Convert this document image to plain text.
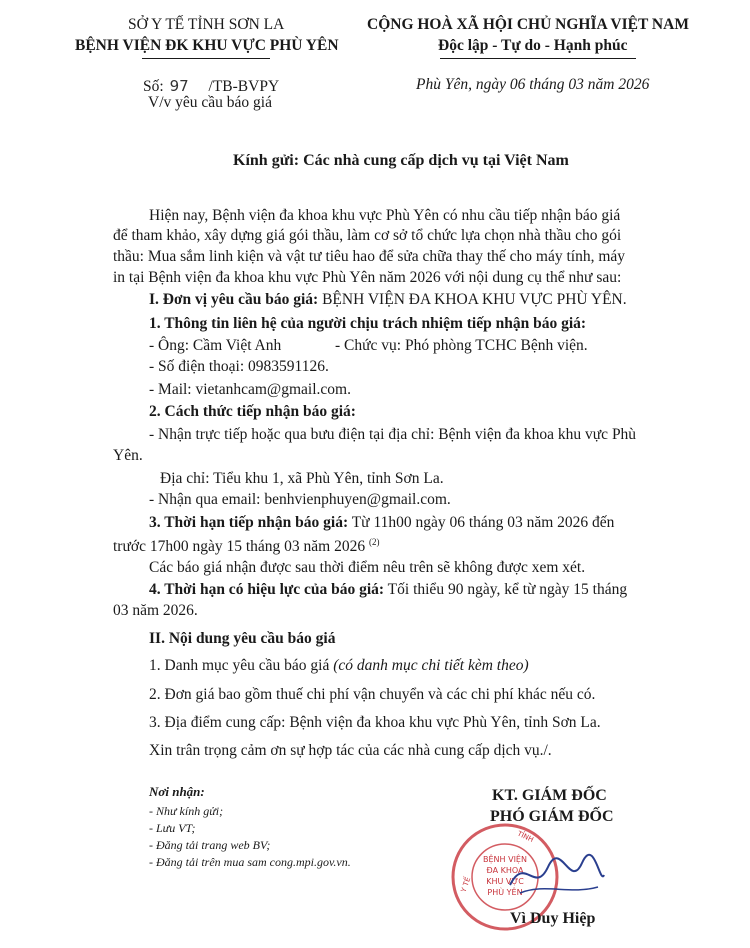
SỞ Y TẾ TỈNH SƠN LA
BỆNH VIỆN ĐK KHU VỰC PHÙ YÊN
CỘNG HOÀ XÃ HỘI CHỦ NGHĨA VIỆT NAM
Độc lập - Tự do - Hạnh phúc
Số: 97 /TB-BVPY
V/v yêu cầu báo giá
Phù Yên, ngày 06 tháng 03 năm 2026
Kính gửi: Các nhà cung cấp dịch vụ tại Việt Nam
Hiện nay, Bệnh viện đa khoa khu vực Phù Yên có nhu cầu tiếp nhận báo giá
để tham khảo, xây dựng giá gói thầu, làm cơ sở tổ chức lựa chọn nhà thầu cho gói
thầu: Mua sắm linh kiện và vật tư tiêu hao để sửa chữa thay thế cho máy tính, máy
in tại Bệnh viện đa khoa khu vực Phù Yên năm 2026 với nội dung cụ thể như sau:
I. Đơn vị yêu cầu báo giá: BỆNH VIỆN ĐA KHOA KHU VỰC PHÙ YÊN.
1. Thông tin liên hệ của người chịu trách nhiệm tiếp nhận báo giá:
- Ông: Cầm Việt Anh	- Chức vụ: Phó phòng TCHC Bệnh viện.
- Số điện thoại: 0983591126.
- Mail: vietanhcam@gmail.com.
2. Cách thức tiếp nhận báo giá:
- Nhận trực tiếp hoặc qua bưu điện tại địa chỉ: Bệnh viện đa khoa khu vực Phù
Yên.
Địa chỉ: Tiểu khu 1, xã Phù Yên, tỉnh Sơn La.
- Nhận qua email: benhvienphuyen@gmail.com.
3. Thời hạn tiếp nhận báo giá: Từ 11h00 ngày 06 tháng 03 năm 2026 đến
trước 17h00 ngày 15 tháng 03 năm 2026 $^{(2)}$
Các báo giá nhận được sau thời điểm nêu trên sẽ không được xem xét.
4. Thời hạn có hiệu lực của báo giá: Tối thiểu 90 ngày, kể từ ngày 15 tháng
03 năm 2026.
II. Nội dung yêu cầu báo giá
1. Danh mục yêu cầu báo giá (có danh mục chi tiết kèm theo)
2. Đơn giá bao gồm thuế chi phí vận chuyển và các chi phí khác nếu có.
3. Địa điểm cung cấp: Bệnh viện đa khoa khu vực Phù Yên, tỉnh Sơn La.
Xin trân trọng cảm ơn sự hợp tác của các nhà cung cấp dịch vụ./.
Nơi nhận:
- Như kính gửi;
- Lưu VT;
- Đăng tải trang web BV;
- Đăng tải trên mua sam cong.mpi.gov.vn.
KT. GIÁM ĐỐC
PHÓ GIÁM ĐỐC
BỆNH VIỆN
ĐA KHOA
KHU VỰC
PHÙ YÊN
TỈNH
Y TẾ
Vì Duy Hiệp
